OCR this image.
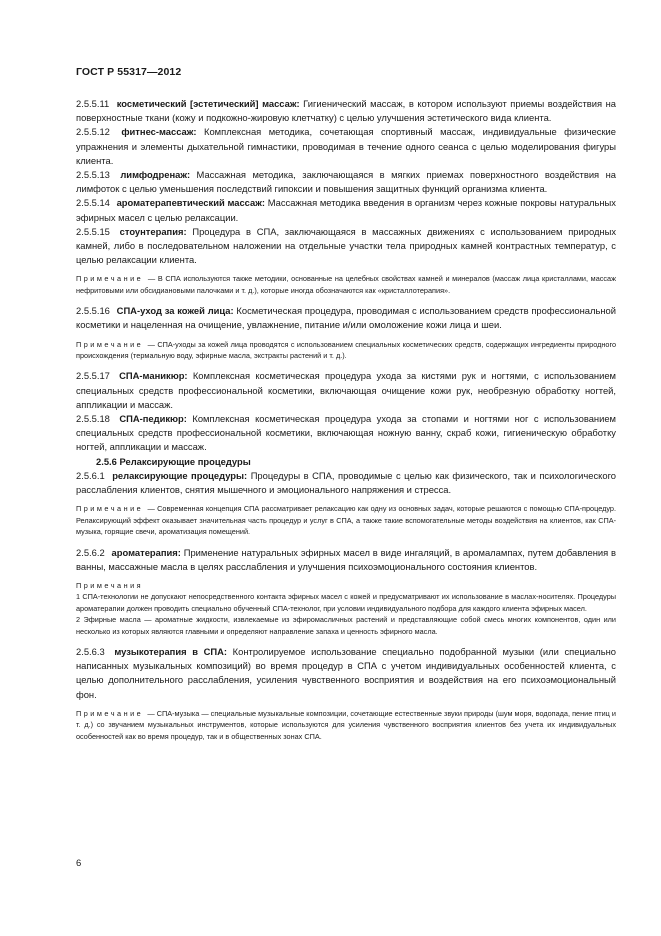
ГОСТ Р 55317—2012

2.5.5.11 косметический [эстетический] массаж: Гигиенический массаж, в котором используют приемы воздействия на поверхностные ткани (кожу и подкожно-жировую клетчатку) с целью улучшения эстетического вида клиента.

2.5.5.12 фитнес-массаж: Комплексная методика, сочетающая спортивный массаж, индивидуальные физические упражнения и элементы дыхательной гимнастики, проводимая в течение одного сеанса с целью моделирования фигуры клиента.

2.5.5.13 лимфодренаж: Массажная методика, заключающаяся в мягких приемах поверхностного воздействия на лимфоток с целью уменьшения последствий гипоксии и повышения защитных функций организма клиента.

2.5.5.14 ароматерапевтический массаж: Массажная методика введения в организм через кожные покровы натуральных эфирных масел с целью релаксации.

2.5.5.15 стоунтерапия: Процедура в СПА, заключающаяся в массажных движениях с использованием природных камней, либо в последовательном наложении на отдельные участки тела природных камней контрастных температур, с целью релаксации клиента.

Примечание — В СПА используются также методики, основанные на целебных свойствах камней и минералов (массаж лица кристаллами, массаж нефритовыми или обсидиановыми палочками и т. д.), которые иногда обозначаются как «кристаллотерапия».

2.5.5.16 СПА-уход за кожей лица: Косметическая процедура, проводимая с использованием средств профессиональной косметики и нацеленная на очищение, увлажнение, питание и/или омоложение кожи лица и шеи.

Примечание — СПА-уходы за кожей лица проводятся с использованием специальных косметических средств, содержащих ингредиенты природного происхождения (термальную воду, эфирные масла, экстракты растений и т. д.).

2.5.5.17 СПА-маникюр: Комплексная косметическая процедура ухода за кистями рук и ногтями, с использованием специальных средств профессиональной косметики, включающая очищение кожи рук, необрезную обработку ногтей, аппликации и массаж.

2.5.5.18 СПА-педикюр: Комплексная косметическая процедура ухода за стопами и ногтями ног с использованием специальных средств профессиональной косметики, включающая ножную ванну, скраб кожи, гигиеническую обработку ногтей, аппликации и массаж.

2.5.6 Релаксирующие процедуры

2.5.6.1 релаксирующие процедуры: Процедуры в СПА, проводимые с целью как физического, так и психологического расслабления клиентов, снятия мышечного и эмоционального напряжения и стресса.

Примечание — Современная концепция СПА рассматривает релаксацию как одну из основных задач, которые решаются с помощью СПА-процедур. Релаксирующий эффект оказывает значительная часть процедур и услуг в СПА, а также такие вспомогательные методы воздействия на клиентов, как СПА-музыка, горящие свечи, ароматизация помещений.

2.5.6.2 ароматерапия: Применение натуральных эфирных масел в виде ингаляций, в аромалампах, путем добавления в ванны, массажные масла в целях расслабления и улучшения психоэмоционального состояния клиентов.

Примечания

1 СПА-технологии не допускают непосредственного контакта эфирных масел с кожей и предусматривают их использование в маслах-носителях. Процедуры ароматерапии должен проводить специально обученный СПА-технолог, при условии индивидуального подбора для каждого клиента эфирных масел.

2 Эфирные масла — ароматные жидкости, извлекаемые из эфиромасличных растений и представляющие собой смесь многих компонентов, один или несколько из которых являются главными и определяют направление запаха и ценность эфирного масла.

2.5.6.3 музыкотерапия в СПА: Контролируемое использование специально подобранной музыки (или специально написанных музыкальных композиций) во время процедур в СПА с учетом индивидуальных особенностей клиента, с целью дополнительного расслабления, усиления чувственного восприятия и воздействия на его психоэмоциональный фон.

Примечание — СПА-музыка — специальные музыкальные композиции, сочетающие естественные звуки природы (шум моря, водопада, пение птиц и т. д.) со звучанием музыкальных инструментов, которые используются для усиления чувственного восприятия клиентов без учета их индивидуальных особенностей как во время процедур, так и в общественных зонах СПА.

6
